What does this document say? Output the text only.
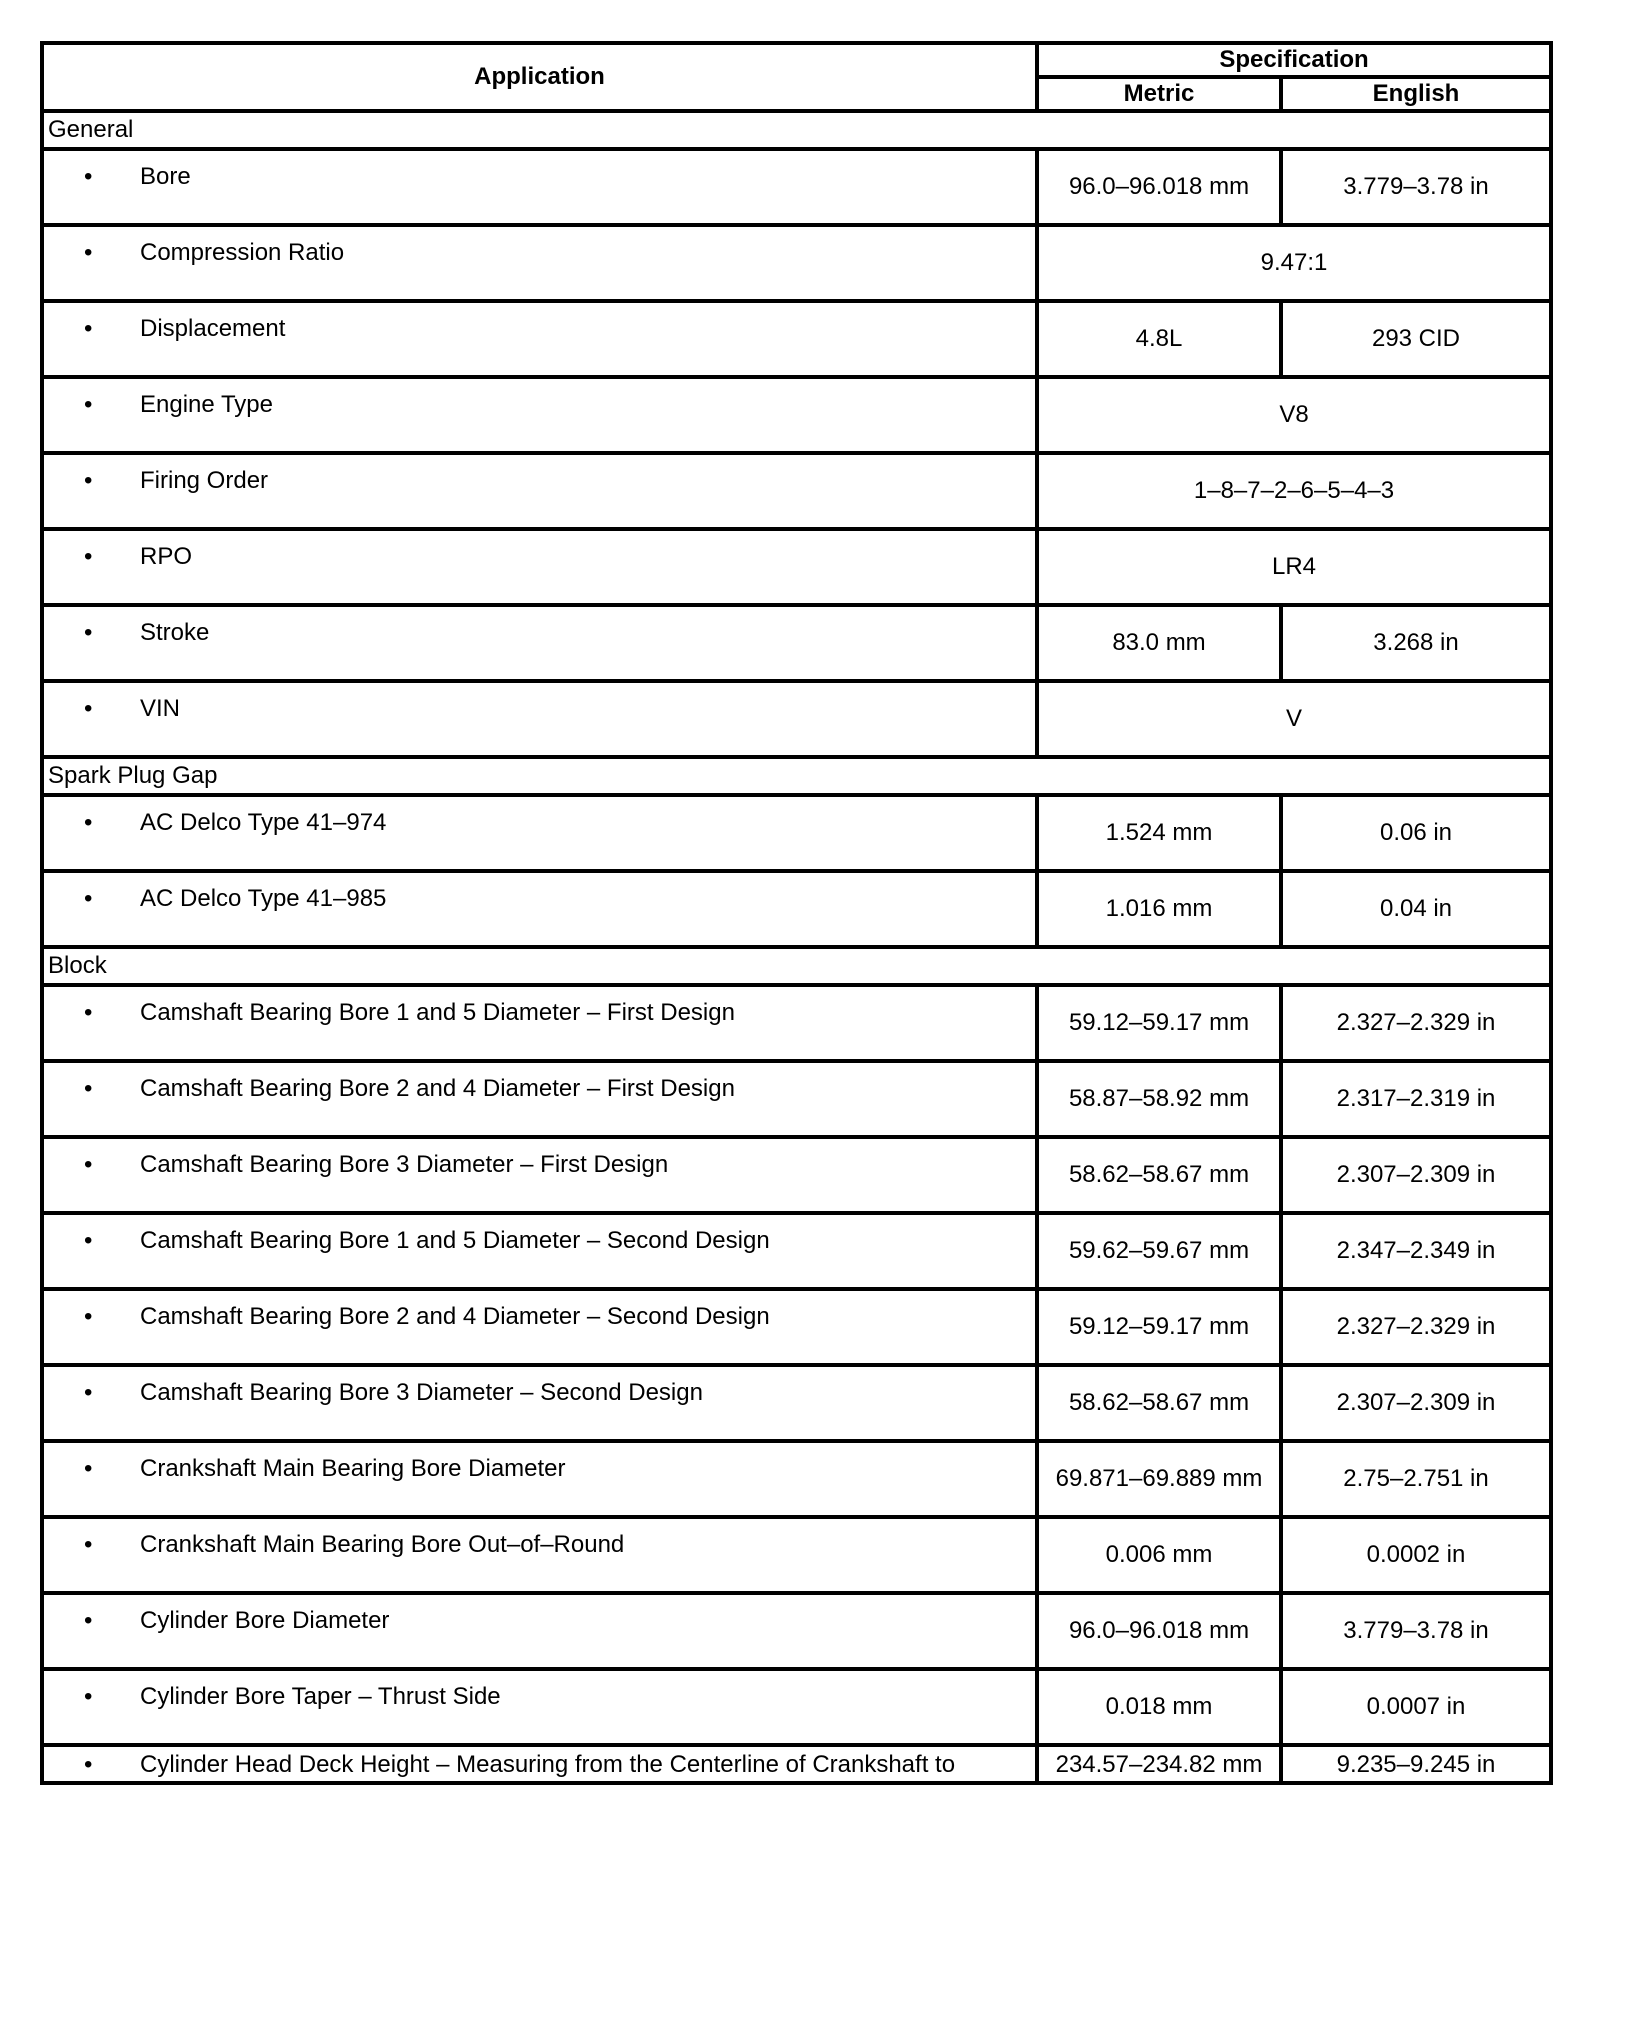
Application	Specification	
	Metric	English
General		

• Bore	96.0–96.018 mm	3.779–3.78 in

• Compression Ratio	9.47:1	

• Displacement	4.8L	293 CID

• Engine Type	V8	

• Firing Order	1–8–7–2–6–5–4–3	

• RPO	LR4	

• Stroke	83.0 mm	3.268 in

• VIN	V	
Spark Plug Gap		

• AC Delco Type 41–974	1.524 mm	0.06 in

• AC Delco Type 41–985	1.016 mm	0.04 in
Block		

• Camshaft Bearing Bore 1 and 5 Diameter – First Design	59.12–59.17 mm	2.327–2.329 in

• Camshaft Bearing Bore 2 and 4 Diameter – First Design	58.87–58.92 mm	2.317–2.319 in

• Camshaft Bearing Bore 3 Diameter – First Design	58.62–58.67 mm	2.307–2.309 in

• Camshaft Bearing Bore 1 and 5 Diameter – Second Design	59.62–59.67 mm	2.347–2.349 in

• Camshaft Bearing Bore 2 and 4 Diameter – Second Design	59.12–59.17 mm	2.327–2.329 in

• Camshaft Bearing Bore 3 Diameter – Second Design	58.62–58.67 mm	2.307–2.309 in

• Crankshaft Main Bearing Bore Diameter	69.871–69.889 mm	2.75–2.751 in

• Crankshaft Main Bearing Bore Out–of–Round	0.006 mm	0.0002 in

• Cylinder Bore Diameter	96.0–96.018 mm	3.779–3.78 in

• Cylinder Bore Taper – Thrust Side	0.018 mm	0.0007 in

• Cylinder Head Deck Height – Measuring from the Centerline of Crankshaft to	234.57–234.82 mm	9.235–9.245 in
